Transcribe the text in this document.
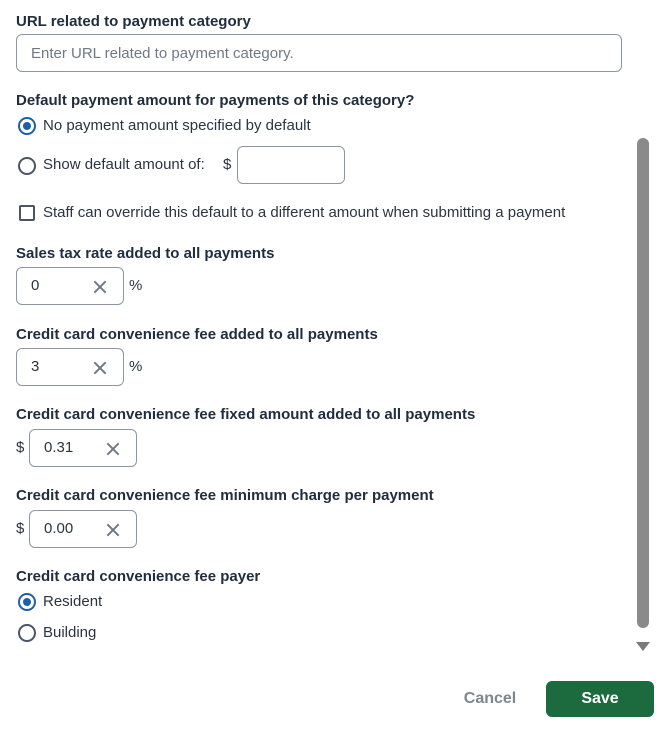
URL related to payment category
Enter URL related to payment category.
Default payment amount for payments of this category?
No payment amount specified by default
Show default amount of: $
Staff can override this default to a different amount when submitting a payment
Sales tax rate added to all payments
0	%
Credit card convenience fee added to all payments
3	%
Credit card convenience fee fixed amount added to all payments
$ 0.31
Credit card convenience fee minimum charge per payment
$ 0.00
Credit card convenience fee payer
Resident
Building
Cancel	Save
